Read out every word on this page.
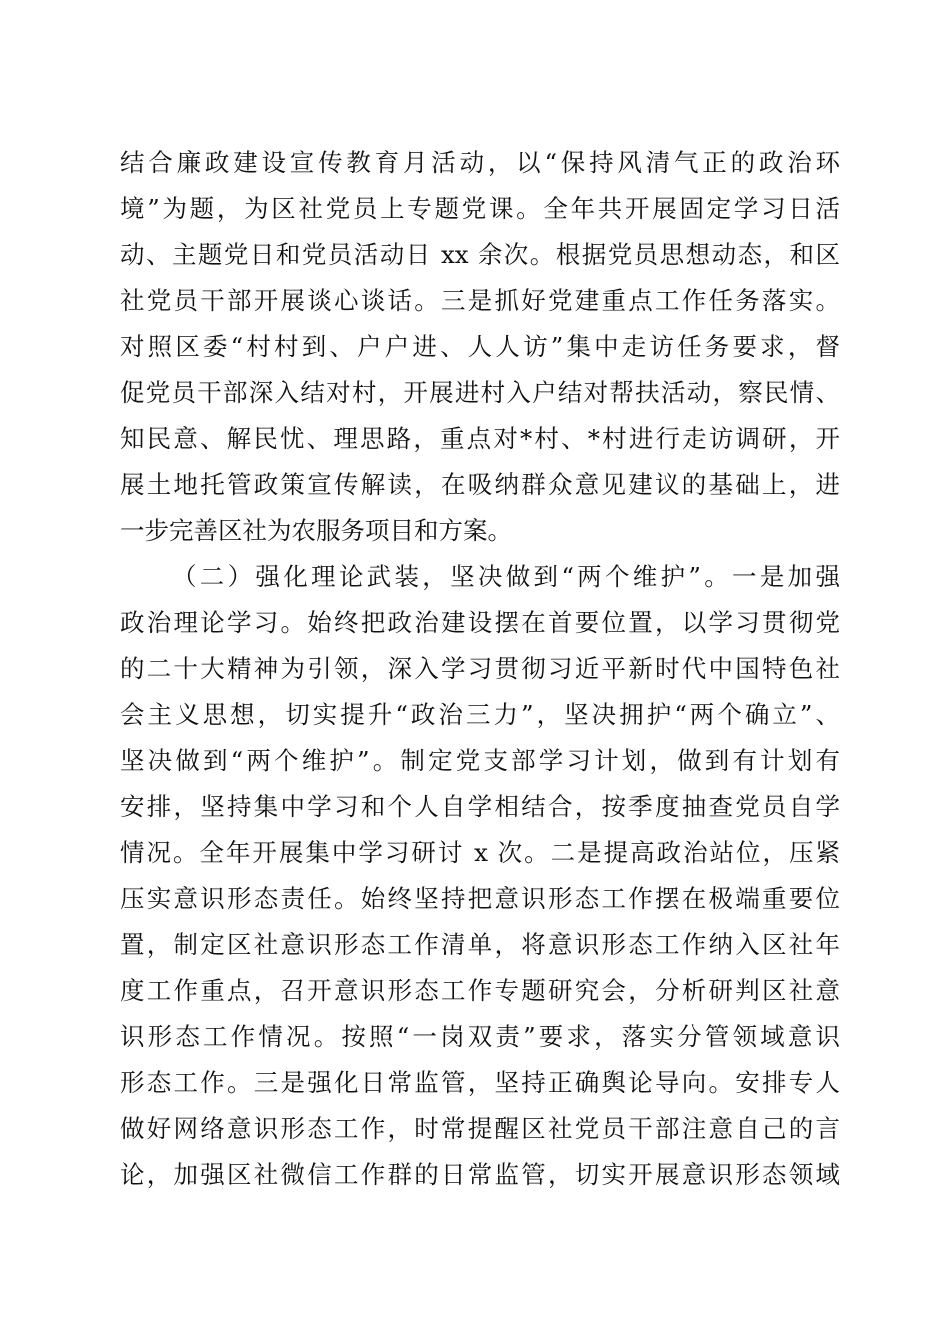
结合廉政建设宣传教育月活动，以“保持风清气正的政治环
境”为题，为区社党员上专题党课。全年共开展固定学习日活
动、主题党日和党员活动日 xx 余次。根据党员思想动态，和区
社党员干部开展谈心谈话。三是抓好党建重点工作任务落实。
对照区委“村村到、户户进、人人访”集中走访任务要求，督
促党员干部深入结对村，开展进村入户结对帮扶活动，察民情、
知民意、解民忧、理思路，重点对*村、*村进行走访调研，开
展土地托管政策宣传解读，在吸纳群众意见建议的基础上，进
一步完善区社为农服务项目和方案。
（二）强化理论武装，坚决做到“两个维护”。一是加强
政治理论学习。始终把政治建设摆在首要位置，以学习贯彻党
的二十大精神为引领，深入学习贯彻习近平新时代中国特色社
会主义思想，切实提升“政治三力”，坚决拥护“两个确立”、
坚决做到“两个维护”。制定党支部学习计划，做到有计划有
安排，坚持集中学习和个人自学相结合，按季度抽查党员自学
情况。全年开展集中学习研讨 x 次。二是提高政治站位，压紧
压实意识形态责任。始终坚持把意识形态工作摆在极端重要位
置，制定区社意识形态工作清单，将意识形态工作纳入区社年
度工作重点，召开意识形态工作专题研究会，分析研判区社意
识形态工作情况。按照“一岗双责”要求，落实分管领域意识
形态工作。三是强化日常监管，坚持正确舆论导向。安排专人
做好网络意识形态工作，时常提醒区社党员干部注意自己的言
论，加强区社微信工作群的日常监管，切实开展意识形态领域
